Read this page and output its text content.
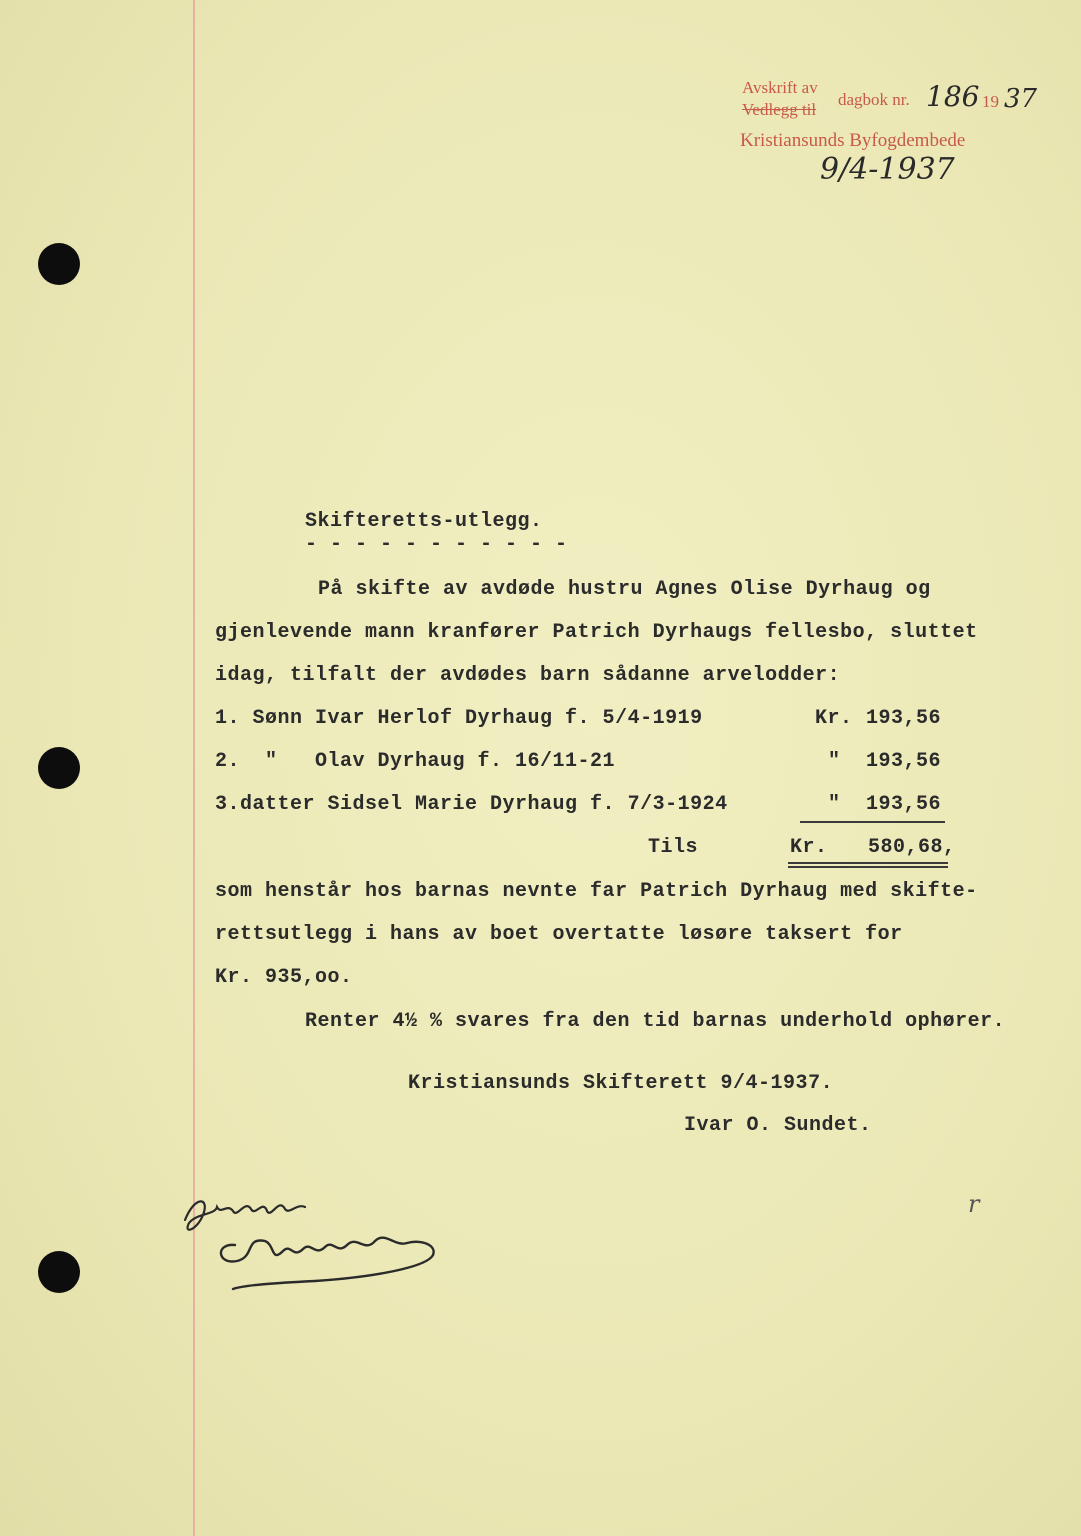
Avskrift av
Vedlegg til
dagbok nr. 186 19 37
Kristiansunds Byfogdembede
9/4-1937
Skifteretts-utlegg.
- - - - - - - - - - -
På skifte av avdøde hustru Agnes Olise Dyrhaug og
gjenlevende mann kranfører Patrich Dyrhaugs fellesbo, sluttet
idag, tilfalt der avdødes barn sådanne arvelodder:
1. Sønn Ivar Herlof Dyrhaug f. 5/4-1919	Kr. 193,56
2.  "   Olav Dyrhaug f. 16/11-21	" 193,56
3.datter Sidsel Marie Dyrhaug f. 7/3-1924	" 193,56
Tils	Kr. 580,68,
som henstår hos barnas nevnte far Patrich Dyrhaug med skifte-
rettsutlegg i hans av boet overtatte løsøre taksert for
Kr. 935,oo.
Renter 4½ % svares fra den tid barnas underhold ophører.
Kristiansunds Skifterett 9/4-1937.
Ivar O. Sundet.
r
